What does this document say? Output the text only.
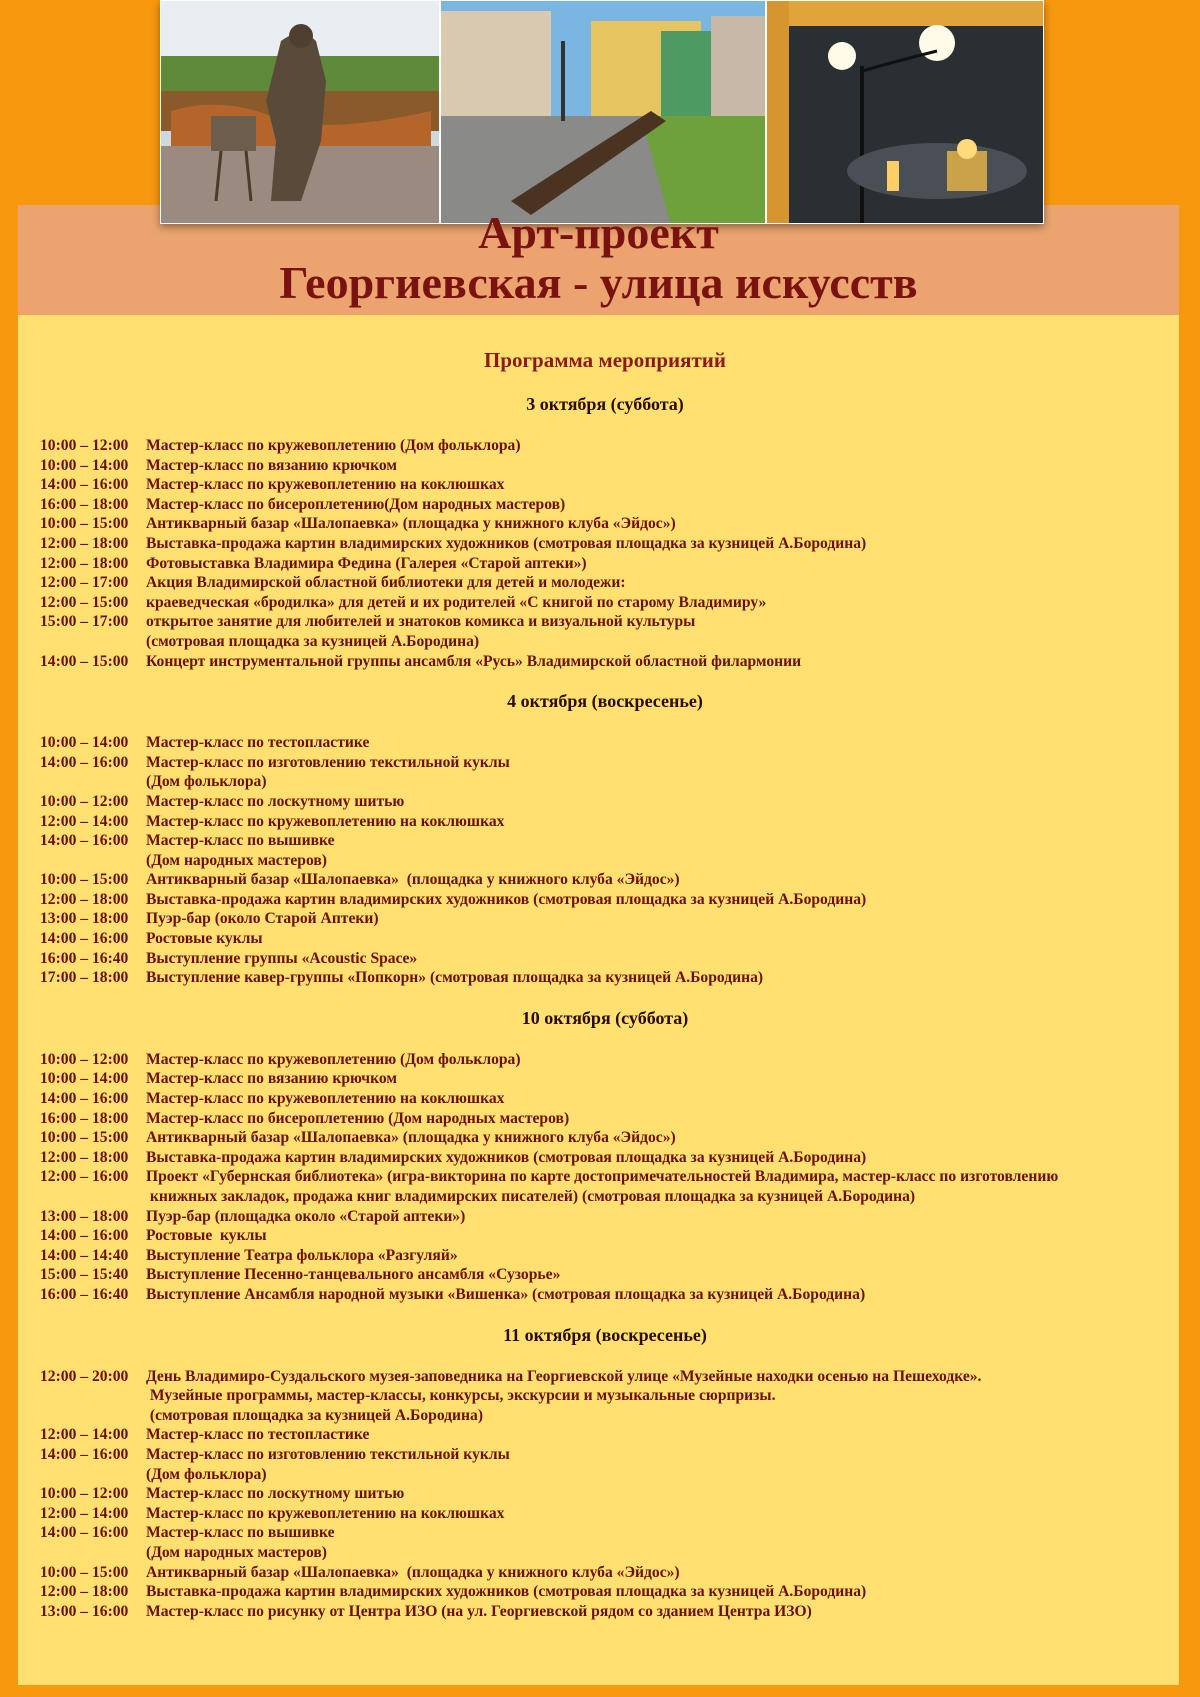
Арт-проект
Георгиевская - улица искусств
Программа мероприятий
3 октября (суббота)
10:00 – 12:00	Мастер-класс по кружевоплетению (Дом фольклора)
10:00 – 14:00	Мастер-класс по вязанию крючком
14:00 – 16:00	Мастер-класс по кружевоплетению на коклюшках
16:00 – 18:00	Мастер-класс по бисероплетению(Дом народных мастеров)
10:00 – 15:00	Антикварный базар «Шалопаевка» (площадка у книжного клуба «Эйдос»)
12:00 – 18:00	Выставка-продажа картин владимирских художников (смотровая площадка за кузницей А.Бородина)
12:00 – 18:00	Фотовыставка Владимира Федина (Галерея «Старой аптеки»)
12:00 – 17:00	Акция Владимирской областной библиотеки для детей и молодежи:
12:00 – 15:00	краеведческая «бродилка» для детей и их родителей «С книгой по старому Владимиру»
15:00 – 17:00	открытое занятие для любителей и знатоков комикса и визуальной культуры
(смотровая площадка за кузницей А.Бородина)
14:00 – 15:00	Концерт инструментальной группы ансамбля «Русь» Владимирской областной филармонии
4 октября (воскресенье)
10:00 – 14:00	Мастер-класс по тестопластике
14:00 – 16:00	Мастер-класс по изготовлению текстильной куклы
(Дом фольклора)
10:00 – 12:00	Мастер-класс по лоскутному шитью
12:00 – 14:00	Мастер-класс по кружевоплетению на коклюшках
14:00 – 16:00	Мастер-класс по вышивке
(Дом народных мастеров)
10:00 – 15:00	Антикварный базар «Шалопаевка»  (площадка у книжного клуба «Эйдос»)
12:00 – 18:00	Выставка-продажа картин владимирских художников (смотровая площадка за кузницей А.Бородина)
13:00 – 18:00	Пуэр-бар (около Старой Аптеки)
14:00 – 16:00	Ростовые куклы
16:00 – 16:40	Выступление группы «Acoustic Space»
17:00 – 18:00	Выступление кавер-группы «Попкорн» (смотровая площадка за кузницей А.Бородина)
10 октября (суббота)
10:00 – 12:00	Мастер-класс по кружевоплетению (Дом фольклора)
10:00 – 14:00	Мастер-класс по вязанию крючком
14:00 – 16:00	Мастер-класс по кружевоплетению на коклюшках
16:00 – 18:00	Мастер-класс по бисероплетению (Дом народных мастеров)
10:00 – 15:00	Антикварный базар «Шалопаевка» (площадка у книжного клуба «Эйдос»)
12:00 – 18:00	Выставка-продажа картин владимирских художников (смотровая площадка за кузницей А.Бородина)
12:00 – 16:00	Проект «Губернская библиотека» (игра-викторина по карте достопримечательностей Владимира, мастер-класс по изготовлению
книжных закладок, продажа книг владимирских писателей) (смотровая площадка за кузницей А.Бородина)
13:00 – 18:00	Пуэр-бар (площадка около «Старой аптеки»)
14:00 – 16:00	Ростовые  куклы
14:00 – 14:40	Выступление Театра фольклора «Разгуляй»
15:00 – 15:40	Выступление Песенно-танцевального ансамбля «Сузорье»
16:00 – 16:40	Выступление Ансамбля народной музыки «Вишенка» (смотровая площадка за кузницей А.Бородина)
11 октября (воскресенье)
12:00 – 20:00	День Владимиро-Суздальского музея-заповедника на Георгиевской улице «Музейные находки осенью на Пешеходке».
Музейные программы, мастер-классы, конкурсы, экскурсии и музыкальные сюрпризы.
(смотровая площадка за кузницей А.Бородина)
12:00 – 14:00	Мастер-класс по тестопластике
14:00 – 16:00	Мастер-класс по изготовлению текстильной куклы
(Дом фольклора)
10:00 – 12:00	Мастер-класс по лоскутному шитью
12:00 – 14:00	Мастер-класс по кружевоплетению на коклюшках
14:00 – 16:00	Мастер-класс по вышивке
(Дом народных мастеров)
10:00 – 15:00	Антикварный базар «Шалопаевка»  (площадка у книжного клуба «Эйдос»)
12:00 – 18:00	Выставка-продажа картин владимирских художников (смотровая площадка за кузницей А.Бородина)
13:00 – 16:00	Мастер-класс по рисунку от Центра ИЗО (на ул. Георгиевской рядом со зданием Центра ИЗО)
